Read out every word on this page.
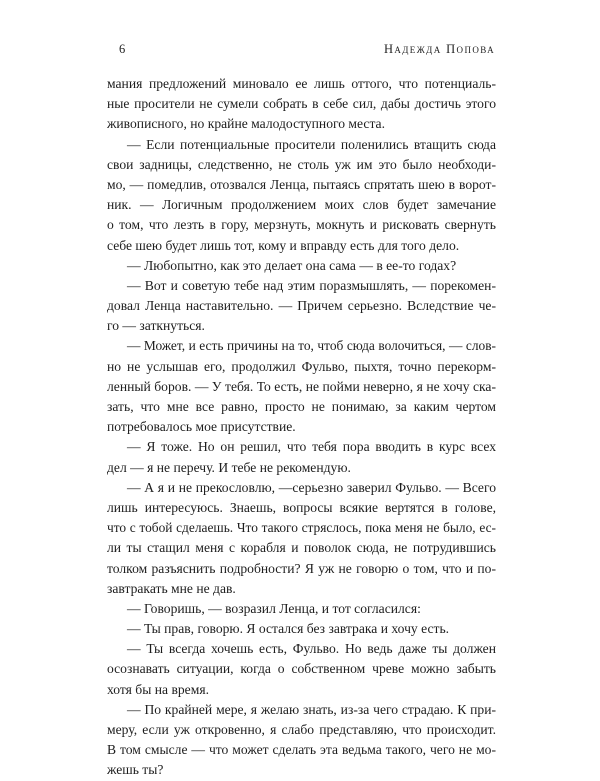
6	Надежда Попова
мания предложений миновало ее лишь оттого, что потенциаль-
ные просители не сумели собрать в себе сил, дабы достичь этого
живописного, но крайне малодоступного места.
— Если потенциальные просители поленились втащить сюда
свои задницы, следственно, не столь уж им это было необходи-
мо, — помедлив, отозвался Ленца, пытаясь спрятать шею в ворот-
ник. — Логичным продолжением моих слов будет замечание
о том, что лезть в гору, мерзнуть, мокнуть и рисковать свернуть
себе шею будет лишь тот, кому и вправду есть для того дело.
— Любопытно, как это делает она сама — в ее-то годах?
— Вот и советую тебе над этим поразмышлять, — порекомен-
довал Ленца наставительно. — Причем серьезно. Вследствие че-
го — заткнуться.
— Может, и есть причины на то, чтоб сюда волочиться, — слов-
но не услышав его, продолжил Фульво, пыхтя, точно перекорм-
ленный боров. — У тебя. То есть, не пойми неверно, я не хочу ска-
зать, что мне все равно, просто не понимаю, за каким чертом
потребовалось мое присутствие.
— Я тоже. Но он решил, что тебя пора вводить в курс всех
дел — я не перечу. И тебе не рекомендую.
— А я и не прекословлю, —серьезно заверил Фульво. — Всего
лишь интересуюсь. Знаешь, вопросы всякие вертятся в голове,
что с тобой сделаешь. Что такого стряслось, пока меня не было, ес-
ли ты стащил меня с корабля и поволок сюда, не потрудившись
толком разъяснить подробности? Я уж не говорю о том, что и по-
завтракать мне не дав.
— Говоришь, — возразил Ленца, и тот согласился:
— Ты прав, говорю. Я остался без завтрака и хочу есть.
— Ты всегда хочешь есть, Фульво. Но ведь даже ты должен
осознавать ситуации, когда о собственном чреве можно забыть
хотя бы на время.
— По крайней мере, я желаю знать, из-за чего страдаю. К при-
меру, если уж откровенно, я слабо представляю, что происходит.
В том смысле — что может сделать эта ведьма такого, чего не мо-
жешь ты?
